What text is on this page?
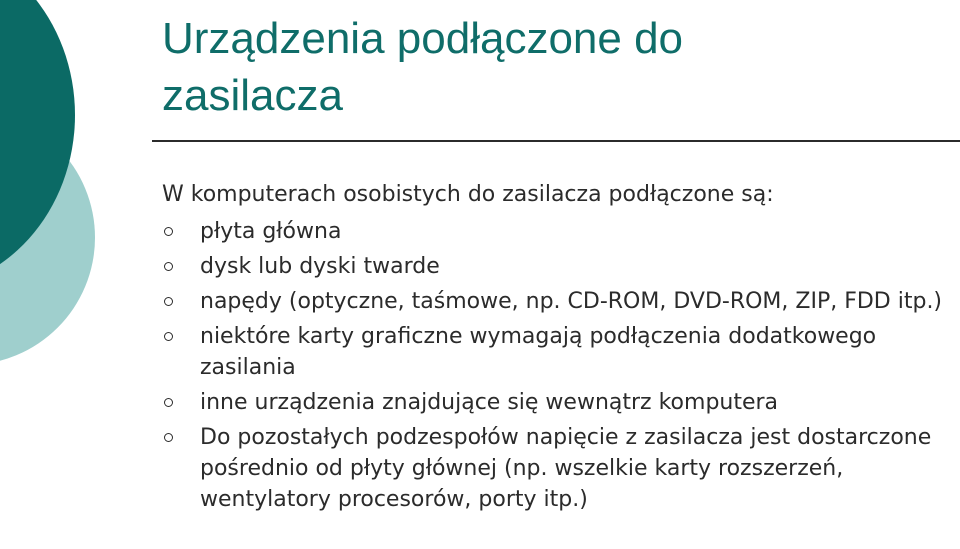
Urządzenia podłączone do
zasilacza

W komputerach osobistych do zasilacza podłączone są:

płyta główna
dysk lub dyski twarde
napędy (optyczne, taśmowe, np. CD-ROM, DVD-ROM, ZIP, FDD itp.)
niektóre karty graficzne wymagają podłączenia dodatkowego zasilania
inne urządzenia znajdujące się wewnątrz komputera
Do pozostałych podzespołów napięcie z zasilacza jest dostarczone pośrednio od płyty głównej (np. wszelkie karty rozszerzeń, wentylatory procesorów, porty itp.)
